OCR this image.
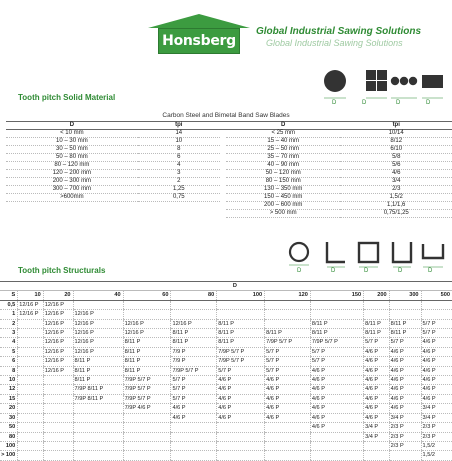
Honsberg
Global Industrial Sawing Solutions
Global Industrial Sawing Solutions
Tooth pitch Solid Material
D	D	D	D
Carbon Steel and Bimetal Band Saw Blades
D	tpi		D	tpi
< 10 mm	14		< 25 mm	10/14
10 – 30 mm	10		15 – 40 mm	8/12
30 – 50 mm	8		25 – 50 mm	6/10
50 – 80 mm	6		35 – 70 mm	5/8
80 – 120 mm	4		40 – 90 mm	5/6
120 – 200 mm	3		50 – 120 mm	4/6
200 – 300 mm	2		80 – 150 mm	3/4
300 – 700 mm	1,25		130 – 350 mm	2/3
>600mm	0,75		150 – 450 mm	1,5/2
			200 – 600 mm	1,1/1,6
			> 500 mm	0,75/1,25
Tooth pitch Structurals	D	D	D	D	D
	D										
S	10	20	40	60	80	100	120	150	200	300	500
0,5	12/16 P	12/16 P									
1	12/16 P	12/16 P	12/16 P								
2		12/16 P	12/16 P	12/16 P	12/16 P	8/11 P		8/11 P	8/11 P	8/11 P	5/7 P
3		12/16 P	12/16 P	12/16 P	8/11 P	8/11 P	8/11 P	8/11 P	8/11 P	8/11 P	5/7 P
4		12/16 P	12/16 P	8/11 P	8/11 P	8/11 P	7/9P 5/7 P	7/9P 5/7 P	5/7 P	5/7 P	4/6 P
5		12/16 P	12/16 P	8/11 P	7/9 P	7/9P 5/7 P	5/7 P	5/7 P	4/6 P	4/6 P	4/6 P
6		12/16 P	8/11 P	8/11 P	7/9 P	7/9P 5/7 P	5/7 P	5/7 P	4/6 P	4/6 P	4/6 P
8		12/16 P	8/11 P	8/11 P	7/9P 5/7 P	5/7 P	5/7 P	4/6 P	4/6 P	4/6 P	4/6 P
10			8/11 P	7/9P 5/7 P	5/7 P	4/6 P	4/6 P	4/6 P	4/6 P	4/6 P	4/6 P
12			7/9P 8/11 P	7/9P 5/7 P	5/7 P	4/6 P	4/6 P	4/6 P	4/6 P	4/6 P	4/6 P
15			7/9P 8/11 P	7/9P 5/7 P	5/7 P	4/6 P	4/6 P	4/6 P	4/6 P	4/6 P	4/6 P
20				7/9P 4/6 P	4/6 P	4/6 P	4/6 P	4/6 P	4/6 P	4/6 P	3/4 P
30					4/6 P	4/6 P	4/6 P	4/6 P	4/6 P	3/4 P	3/4 P
50								4/6 P	3/4 P	2/3 P	2/3 P
80									3/4 P	2/3 P	2/3 P
100										2/3 P	1,5/2
> 100											1,5/2
